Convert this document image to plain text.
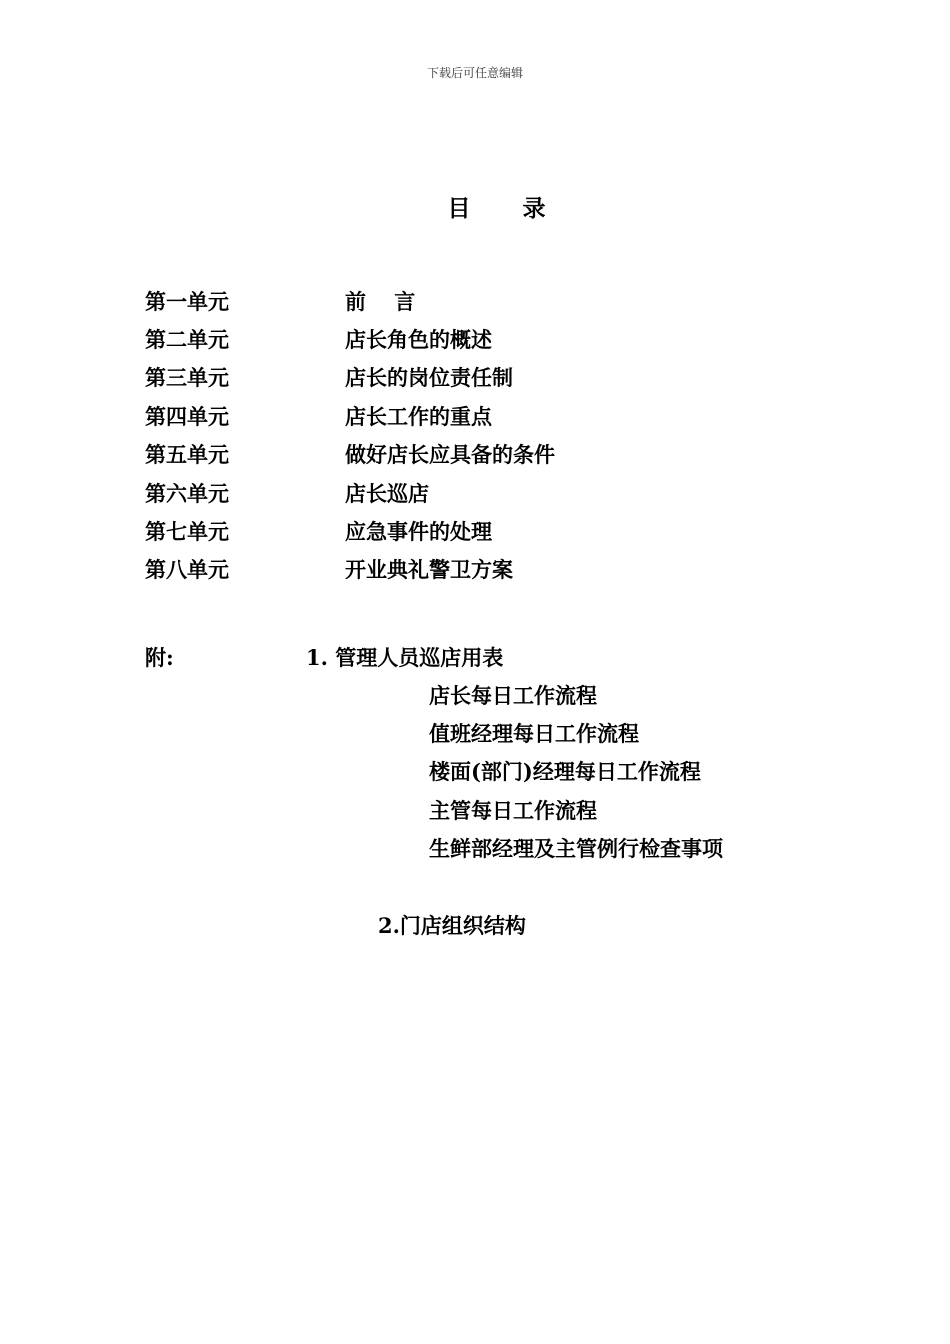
下载后可任意编辑
目　　录
第一单元	前　 言
第二单元	店长角色的概述
第三单元	店长的岗位责任制
第四单元	店长工作的重点
第五单元	做好店长应具备的条件
第六单元	店长巡店
第七单元	应急事件的处理
第八单元	开业典礼警卫方案
附:	1. 管理人员巡店用表
店长每日工作流程
值班经理每日工作流程
楼面(部门)经理每日工作流程
主管每日工作流程
生鲜部经理及主管例行检查事项
2.门店组织结构
